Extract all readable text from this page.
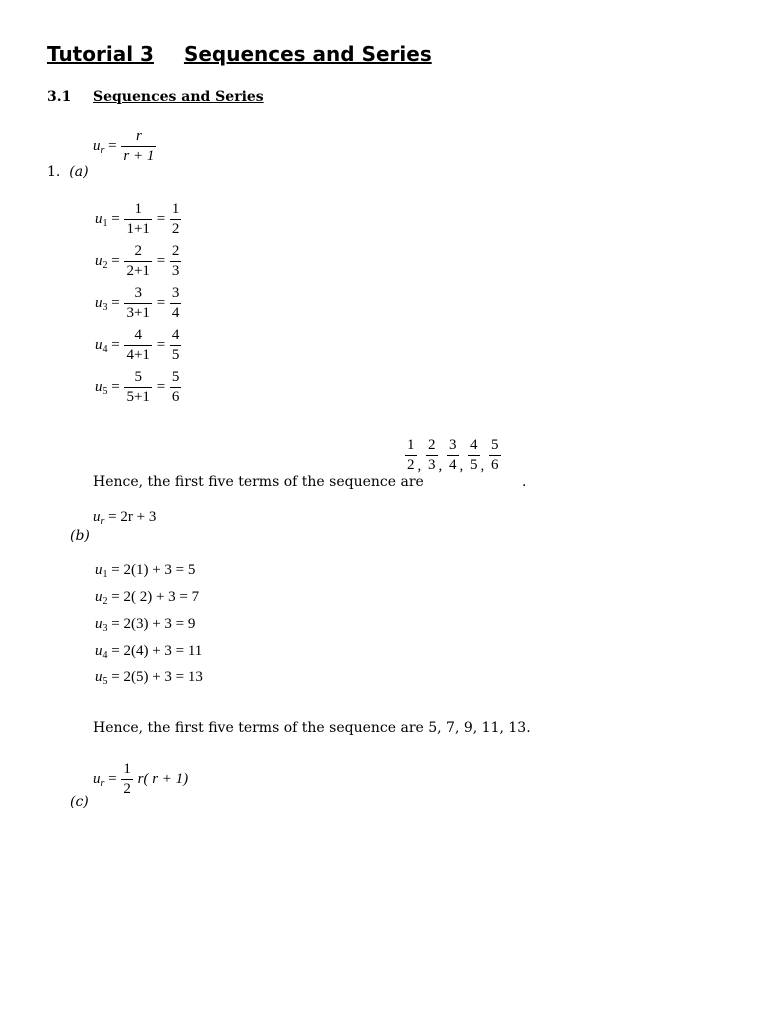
Tutorial 3 Sequences and Series
3.1 Sequences and Series
$u_r = \frac{r}{r + 1}$
1. (a)
$u_1 = \frac{1}{1+1} = \frac{1}{2}$
$u_2 = \frac{2}{2+1} = \frac{2}{3}$
$u_3 = \frac{3}{3+1} = \frac{3}{4}$
$u_4 = \frac{4}{4+1} = \frac{4}{5}$
$u_5 = \frac{5}{5+1} = \frac{5}{6}$
$\frac{1}{2}$ , $\frac{2}{3}$ , $\frac{3}{4}$ , $\frac{4}{5}$ , $\frac{5}{6}$
Hence, the first five terms of the sequence are	.
$u_r = 2r + 3$
(b)
$u_1 = 2(1) + 3 = 5$
$u_2 = 2$( 2) + 3 = 7
$u_3 = 2(3) + 3 = 9$
$u_4 = 2(4) + 3 = 11$
$u_5 = 2(5) + 3 = 13$
Hence, the first five terms of the sequence are 5, 7, 9, 11, 13.
$u_r = \frac{1}{2} r$( r + 1)
(c)
